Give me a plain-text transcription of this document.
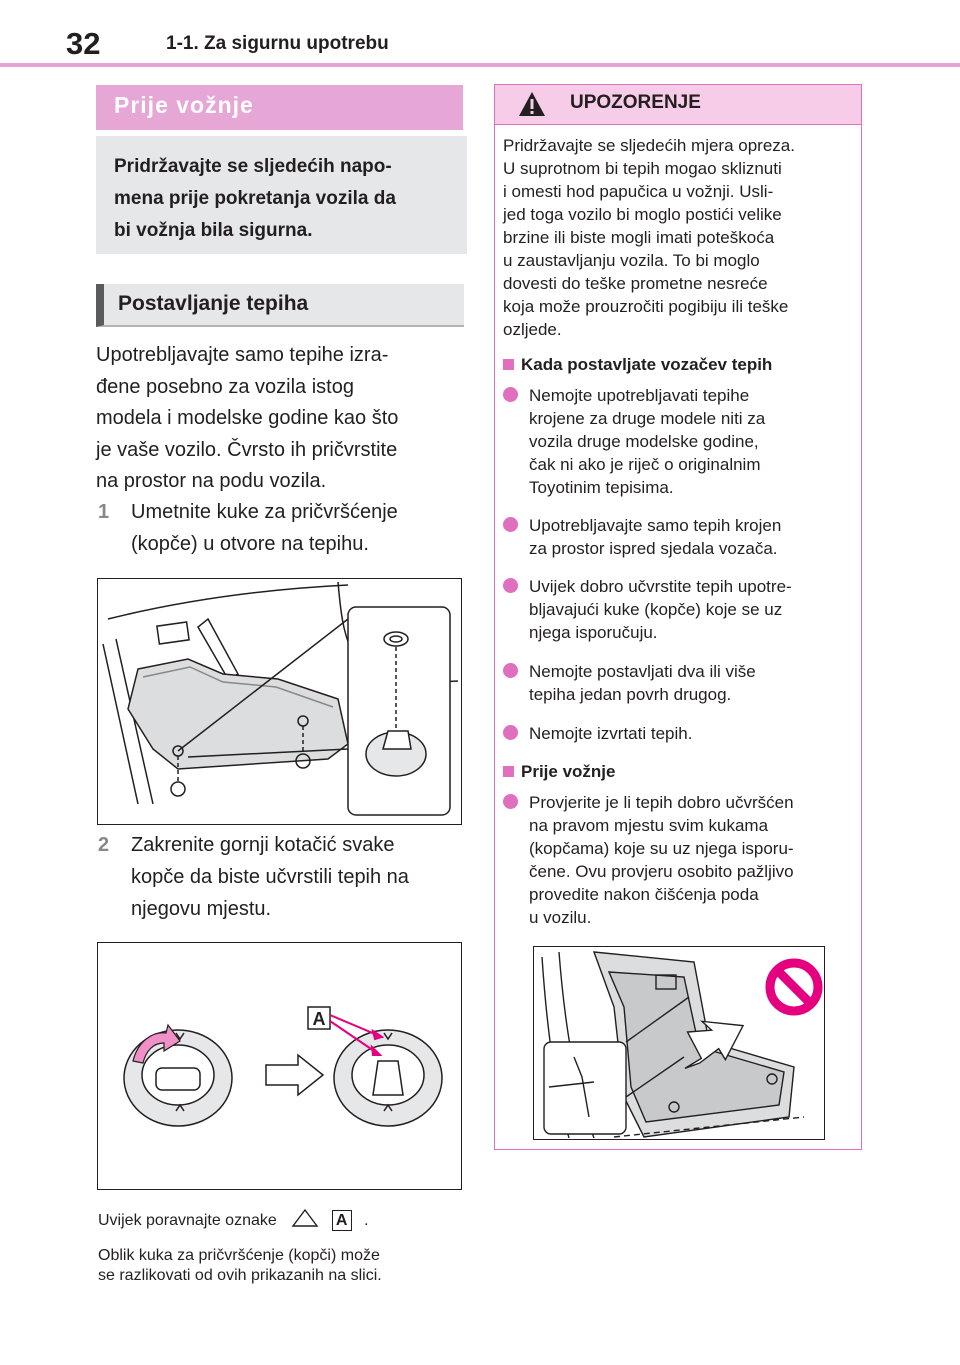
32	1-1. Za sigurnu upotrebu
Prije vožnje

Pridržavajte se sljedećih napo-
mena prije pokretanja vozila da
bi vožnja bila sigurna.

Postavljanje tepiha

Upotrebljavajte samo tepihe izra-
đene posebno za vozila istog
modela i modelske godine kao što
je vaše vozilo. Čvrsto ih pričvrstite
na prostor na podu vozila.

1 Umetnite kuke za pričvršćenje
(kopče) u otvore na tepihu.
2 Zakrenite gornji kotačić svake
kopče da biste učvrstili tepih na
njegovu mjestu.
A
Uvijek poravnajte oznake	A .
Oblik kuka za pričvršćenje (kopči) može
se razlikovati od ovih prikazanih na slici.
UPOZORENJE
Pridržavajte se sljedećih mjera opreza.
U suprotnom bi tepih mogao skliznuti
i omesti hod papučica u vožnji. Usli-
jed toga vozilo bi moglo postići velike
brzine ili biste mogli imati poteškoća
u zaustavljanju vozila. To bi moglo
dovesti do teške prometne nesreće
koja može prouzročiti pogibiju ili teške
ozljede.
Kada postavljate vozačev tepih
Nemojte upotrebljavati tepihe
krojene za druge modele niti za
vozila druge modelske godine,
čak ni ako je riječ o originalnim
Toyotinim tepisima.
Upotrebljavajte samo tepih krojen
za prostor ispred sjedala vozača.
Uvijek dobro učvrstite tepih upotre-
bljavajući kuke (kopče) koje se uz
njega isporučuju.
Nemojte postavljati dva ili više
tepiha jedan povrh drugog.
Nemojte izvrtati tepih.
Prije vožnje
Provjerite je li tepih dobro učvršćen
na pravom mjestu svim kukama
(kopčama) koje su uz njega isporu-
čene. Ovu provjeru osobito pažljivo
provedite nakon čišćenja poda
u vozilu.
